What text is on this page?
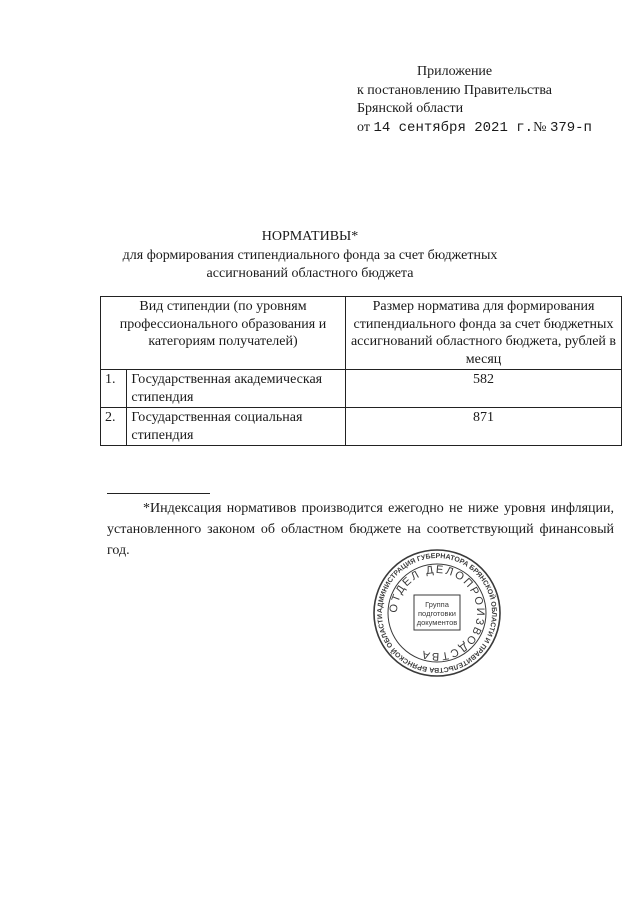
Приложение
к постановлению Правительства
Брянской области
от 14 сентября 2021 г.№ 379-п
НОРМАТИВЫ*
для формирования стипендиального фонда за счет бюджетных ассигнований областного бюджета
Вид стипендии (по уровням профессионального образования и категориям получателей)		Размер норматива для формирования стипендиального фонда за счет бюджетных ассигнований областного бюджета, рублей в месяц
1.	Государственная академическая стипендия	582
2.	Государственная социальная стипендия	871

*Индексация нормативов производится ежегодно не ниже уровня инфляции, установленного законом об областном бюджете на соответствующий финансовый год.

АДМИНИСТРАЦИЯ ГУБЕРНАТОРА БРЯНСКОЙ ОБЛАСТИ И ПРАВИТЕЛЬСТВА БРЯНСКОЙ ОБЛАСТИ
ОТДЕЛ ДЕЛОПРОИЗВОДСТВА
Группа
подготовки
документов
